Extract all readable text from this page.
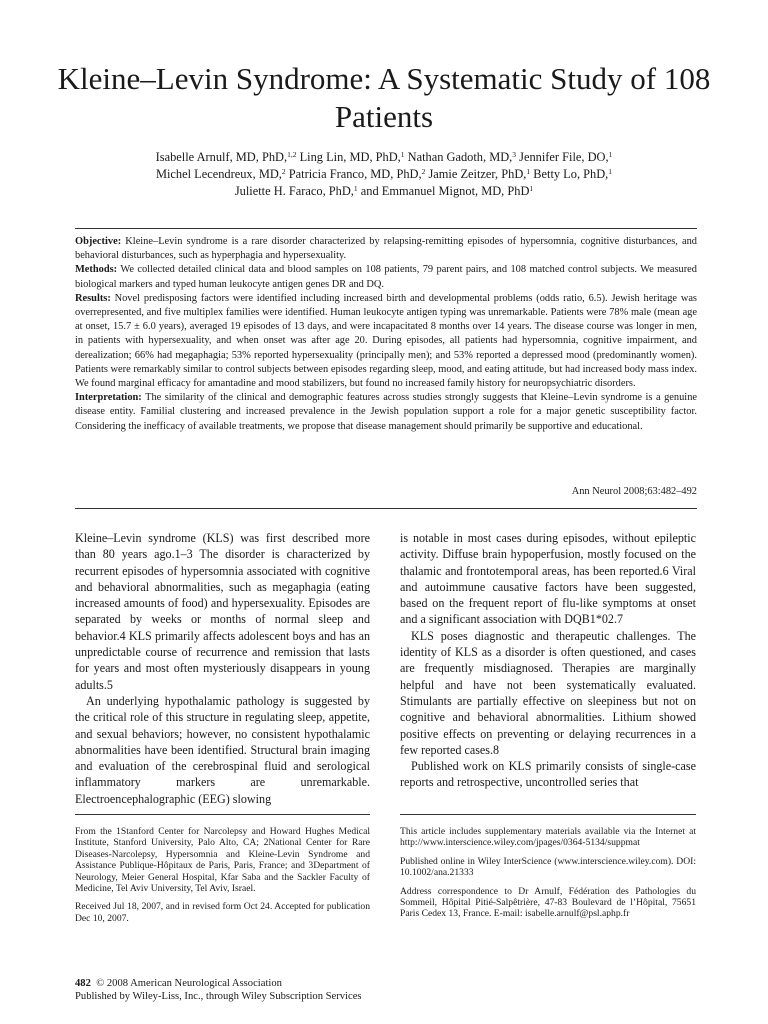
Kleine–Levin Syndrome: A Systematic Study of 108 Patients
Isabelle Arnulf, MD, PhD,$^{1,2}$ Ling Lin, MD, PhD,$^1$ Nathan Gadoth, MD,$^3$ Jennifer File, DO,$^1$
Michel Lecendreux, MD,$^2$ Patricia Franco, MD, PhD,$^2$ Jamie Zeitzer, PhD,$^1$ Betty Lo, PhD,$^1$
Juliette H. Faraco, PhD,$^1$ and Emmanuel Mignot, MD, PhD$^1$

Objective: Kleine–Levin syndrome is a rare disorder characterized by relapsing-remitting episodes of hypersomnia, cognitive disturbances, and behavioral disturbances, such as hyperphagia and hypersexuality.

Methods: We collected detailed clinical data and blood samples on 108 patients, 79 parent pairs, and 108 matched control subjects. We measured biological markers and typed human leukocyte antigen genes DR and DQ.

Results: Novel predisposing factors were identified including increased birth and developmental problems (odds ratio, 6.5). Jewish heritage was overrepresented, and five multiplex families were identified. Human leukocyte antigen typing was unremarkable. Patients were 78% male (mean age at onset, 15.7 ± 6.0 years), averaged 19 episodes of 13 days, and were incapacitated 8 months over 14 years. The disease course was longer in men, in patients with hypersexuality, and when onset was after age 20. During episodes, all patients had hypersomnia, cognitive impairment, and derealization; 66% had megaphagia; 53% reported hypersexuality (principally men); and 53% reported a depressed mood (predominantly women). Patients were remarkably similar to control subjects between episodes regarding sleep, mood, and eating attitude, but had increased body mass index. We found marginal efficacy for amantadine and mood stabilizers, but found no increased family history for neuropsychiatric disorders.

Interpretation: The similarity of the clinical and demographic features across studies strongly suggests that Kleine–Levin syndrome is a genuine disease entity. Familial clustering and increased prevalence in the Jewish population support a role for a major genetic susceptibility factor. Considering the inefficacy of available treatments, we propose that disease management should primarily be supportive and educational.

Ann Neurol 2008;63:482–492

Kleine–Levin syndrome (KLS) was first described more than 80 years ago.1–3 The disorder is characterized by recurrent episodes of hypersomnia associated with cognitive and behavioral abnormalities, such as megaphagia (eating increased amounts of food) and hypersexuality. Episodes are separated by weeks or months of normal sleep and behavior.4 KLS primarily affects adolescent boys and has an unpredictable course of recurrence and remission that lasts for years and most often mysteriously disappears in young adults.5

An underlying hypothalamic pathology is suggested by the critical role of this structure in regulating sleep, appetite, and sexual behaviors; however, no consistent hypothalamic abnormalities have been identified. Structural brain imaging and evaluation of the cerebrospinal fluid and serological inflammatory markers are unremarkable. Electroencephalographic (EEG) slowing

is notable in most cases during episodes, without epileptic activity. Diffuse brain hypoperfusion, mostly focused on the thalamic and frontotemporal areas, has been reported.6 Viral and autoimmune causative factors have been suggested, based on the frequent report of flu-like symptoms at onset and a significant association with DQB1*02.7

KLS poses diagnostic and therapeutic challenges. The identity of KLS as a disorder is often questioned, and cases are frequently misdiagnosed. Therapies are marginally helpful and have not been systematically evaluated. Stimulants are partially effective on sleepiness but not on cognitive and behavioral abnormalities. Lithium showed positive effects on preventing or delaying recurrences in a few reported cases.8

Published work on KLS primarily consists of single-case reports and retrospective, uncontrolled series that

From the 1Stanford Center for Narcolepsy and Howard Hughes Medical Institute, Stanford University, Palo Alto, CA; 2National Center for Rare Diseases-Narcolepsy, Hypersomnia and Kleine-Levin Syndrome and Assistance Publique-Hôpitaux de Paris, Paris, France; and 3Department of Neurology, Meier General Hospital, Kfar Saba and the Sackler Faculty of Medicine, Tel Aviv University, Tel Aviv, Israel.

Received Jul 18, 2007, and in revised form Oct 24. Accepted for publication Dec 10, 2007.

This article includes supplementary materials available via the Internet at http://www.interscience.wiley.com/jpages/0364-5134/suppmat

Published online in Wiley InterScience (www.interscience.wiley.com). DOI: 10.1002/ana.21333

Address correspondence to Dr Arnulf, Fédération des Pathologies du Sommeil, Hôpital Pitié-Salpêtrière, 47-83 Boulevard de l’Hôpital, 75651 Paris Cedex 13, France. E-mail: isabelle.arnulf@psl.aphp.fr

482 © 2008 American Neurological Association
Published by Wiley-Liss, Inc., through Wiley Subscription Services
